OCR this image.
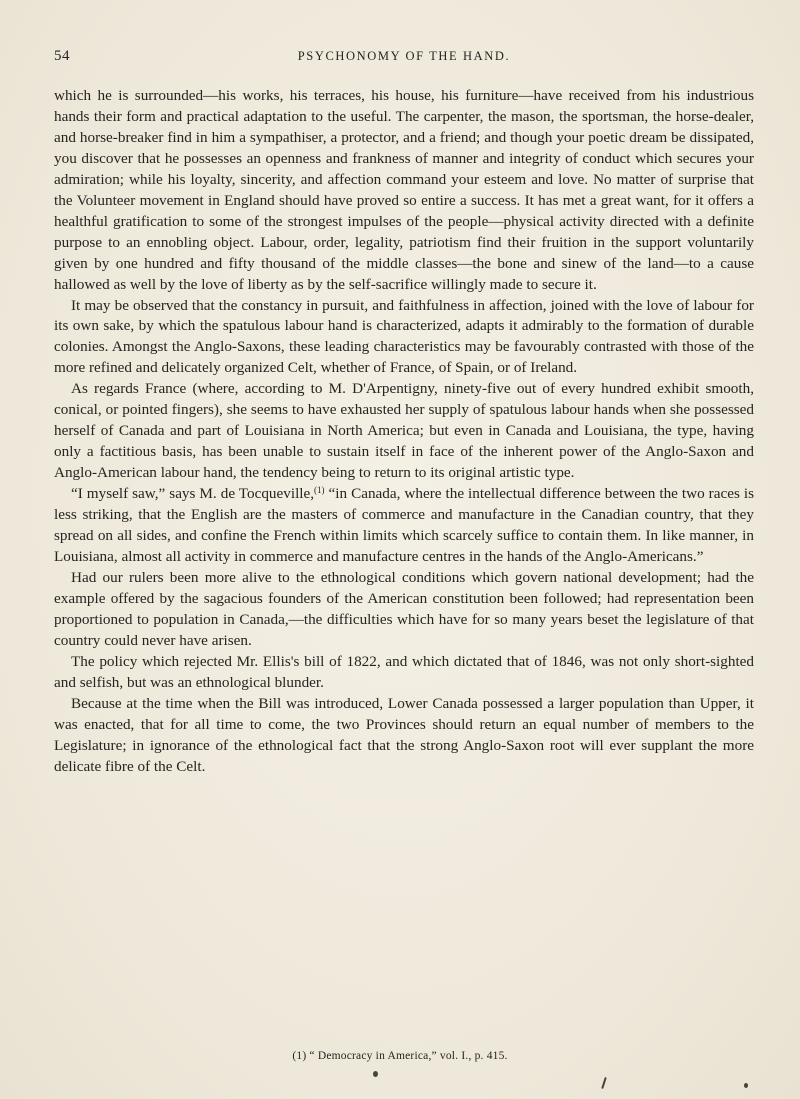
54	PSYCHONOMY OF THE HAND.

which he is surrounded—his works, his terraces, his house, his furniture—have received from his industrious hands their form and practical adaptation to the useful. The carpenter, the mason, the sportsman, the horse-dealer, and horse-breaker find in him a sympathiser, a protector, and a friend; and though your poetic dream be dissipated, you discover that he possesses an openness and frankness of manner and integrity of conduct which secures your admiration; while his loyalty, sincerity, and affection command your esteem and love. No matter of surprise that the Volunteer movement in England should have proved so entire a success. It has met a great want, for it offers a healthful gratification to some of the strongest impulses of the people—physical activity directed with a definite purpose to an ennobling object. Labour, order, legality, patriotism find their fruition in the support voluntarily given by one hundred and fifty thousand of the middle classes—the bone and sinew of the land—to a cause hallowed as well by the love of liberty as by the self-sacrifice willingly made to secure it.

It may be observed that the constancy in pursuit, and faithfulness in affection, joined with the love of labour for its own sake, by which the spatulous labour hand is characterized, adapts it admirably to the formation of durable colonies. Amongst the Anglo-Saxons, these leading characteristics may be favourably contrasted with those of the more refined and delicately organized Celt, whether of France, of Spain, or of Ireland.

As regards France (where, according to M. D'Arpentigny, ninety-five out of every hundred exhibit smooth, conical, or pointed fingers), she seems to have exhausted her supply of spatulous labour hands when she possessed herself of Canada and part of Louisiana in North America; but even in Canada and Louisiana, the type, having only a factitious basis, has been unable to sustain itself in face of the inherent power of the Anglo-Saxon and Anglo-American labour hand, the tendency being to return to its original artistic type.

“I myself saw,” says M. de Tocqueville,$^{(1)}$ “in Canada, where the intellectual difference between the two races is less striking, that the English are the masters of commerce and manufacture in the Canadian country, that they spread on all sides, and confine the French within limits which scarcely suffice to contain them. In like manner, in Louisiana, almost all activity in commerce and manufacture centres in the hands of the Anglo-Americans.”

Had our rulers been more alive to the ethnological conditions which govern national development; had the example offered by the sagacious founders of the American constitution been followed; had representation been proportioned to population in Canada,—the difficulties which have for so many years beset the legislature of that country could never have arisen.

The policy which rejected Mr. Ellis's bill of 1822, and which dictated that of 1846, was not only short-sighted and selfish, but was an ethnological blunder.

Because at the time when the Bill was introduced, Lower Canada possessed a larger population than Upper, it was enacted, that for all time to come, the two Provinces should return an equal number of members to the Legislature; in ignorance of the ethnological fact that the strong Anglo-Saxon root will ever supplant the more delicate fibre of the Celt.

(1) “ Democracy in America,” vol. I., p. 415.
